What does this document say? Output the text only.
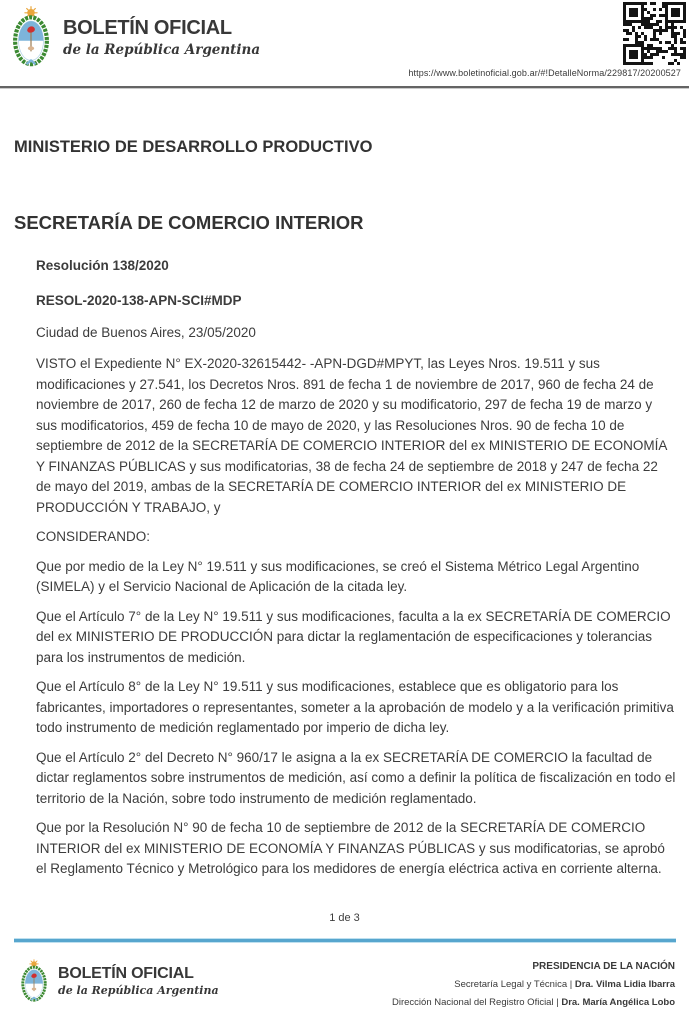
BOLETÍN OFICIAL
de la República Argentina
https://www.boletinoficial.gob.ar/#!DetalleNorma/229817/20200527
MINISTERIO DE DESARROLLO PRODUCTIVO
SECRETARÍA DE COMERCIO INTERIOR

Resolución 138/2020

RESOL-2020-138-APN-SCI#MDP

Ciudad de Buenos Aires, 23/05/2020

VISTO el Expediente N° EX-2020-32615442- -APN-DGD#MPYT, las Leyes Nros. 19.511 y sus modificaciones y 27.541, los Decretos Nros. 891 de fecha 1 de noviembre de 2017, 960 de fecha 24 de noviembre de 2017, 260 de fecha 12 de marzo de 2020 y su modificatorio, 297 de fecha 19 de marzo y sus modificatorios, 459 de fecha 10 de mayo de 2020, y las Resoluciones Nros. 90 de fecha 10 de septiembre de 2012 de la SECRETARÍA DE COMERCIO INTERIOR del ex MINISTERIO DE ECONOMÍA Y FINANZAS PÚBLICAS y sus modificatorias, 38 de fecha 24 de septiembre de 2018 y 247 de fecha 22 de mayo del 2019, ambas de la SECRETARÍA DE COMERCIO INTERIOR del ex MINISTERIO DE PRODUCCIÓN Y TRABAJO, y

CONSIDERANDO:

Que por medio de la Ley N° 19.511 y sus modificaciones, se creó el Sistema Métrico Legal Argentino (SIMELA) y el Servicio Nacional de Aplicación de la citada ley.

Que el Artículo 7° de la Ley N° 19.511 y sus modificaciones, faculta a la ex SECRETARÍA DE COMERCIO del ex MINISTERIO DE PRODUCCIÓN para dictar la reglamentación de especificaciones y tolerancias para los instrumentos de medición.

Que el Artículo 8° de la Ley N° 19.511 y sus modificaciones, establece que es obligatorio para los fabricantes, importadores o representantes, someter a la aprobación de modelo y a la verificación primitiva todo instrumento de medición reglamentado por imperio de dicha ley.

Que el Artículo 2° del Decreto N° 960/17 le asigna a la ex SECRETARÍA DE COMERCIO la facultad de dictar reglamentos sobre instrumentos de medición, así como a definir la política de fiscalización en todo el territorio de la Nación, sobre todo instrumento de medición reglamentado.

Que por la Resolución N° 90 de fecha 10 de septiembre de 2012 de la SECRETARÍA DE COMERCIO INTERIOR del ex MINISTERIO DE ECONOMÍA Y FINANZAS PÚBLICAS y sus modificatorias, se aprobó el Reglamento Técnico y Metrológico para los medidores de energía eléctrica activa en corriente alterna.

1 de 3
BOLETÍN OFICIAL
de la República Argentina
PRESIDENCIA DE LA NACIÓN
Secretaría Legal y Técnica | Dra. Vilma Lidia Ibarra
Dirección Nacional del Registro Oficial | Dra. María Angélica Lobo
